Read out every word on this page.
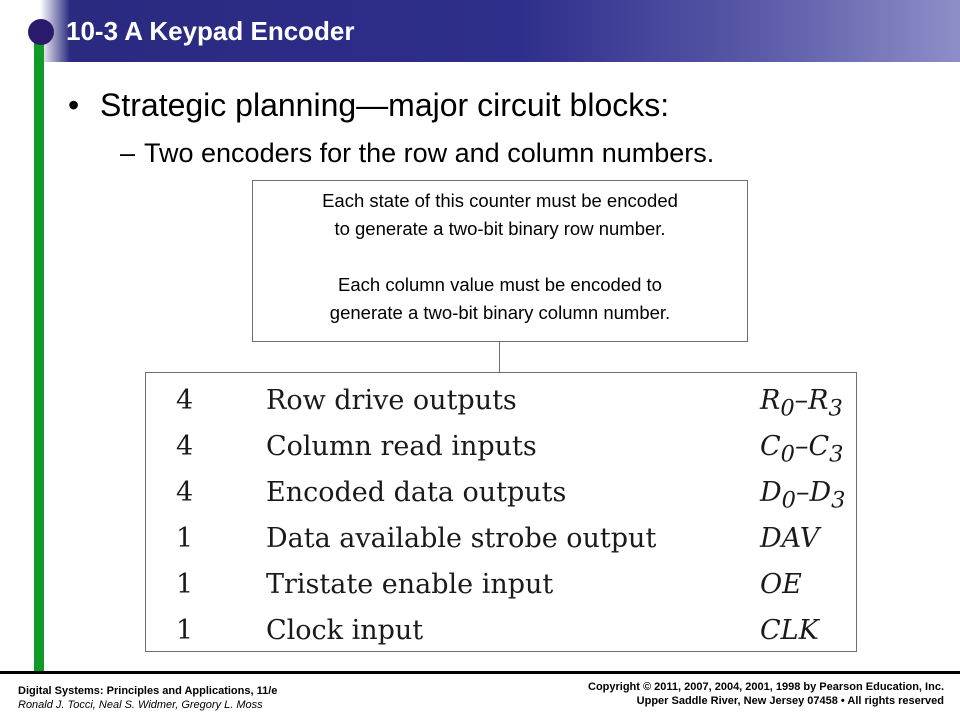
10-3 A Keypad Encoder
• Strategic planning—major circuit blocks:
– Two encoders for the row and column numbers.

Each state of this counter must be encoded
to generate a two-bit binary row number.

Each column value must be encoded to
generate a two-bit binary column number.

4	Row drive outputs	$R_0-R_3$
4	Column read inputs	$C_0-C_3$
4	Encoded data outputs	$D_0-D_3$
1	Data available strobe output	DAV
1	Tristate enable input	OE
1	Clock input	CLK
Digital Systems: Principles and Applications, 11/e
Ronald J. Tocci, Neal S. Widmer, Gregory L. Moss
Copyright © 2011, 2007, 2004, 2001, 1998 by Pearson Education, Inc.
Upper Saddle River, New Jersey 07458 • All rights reserved
